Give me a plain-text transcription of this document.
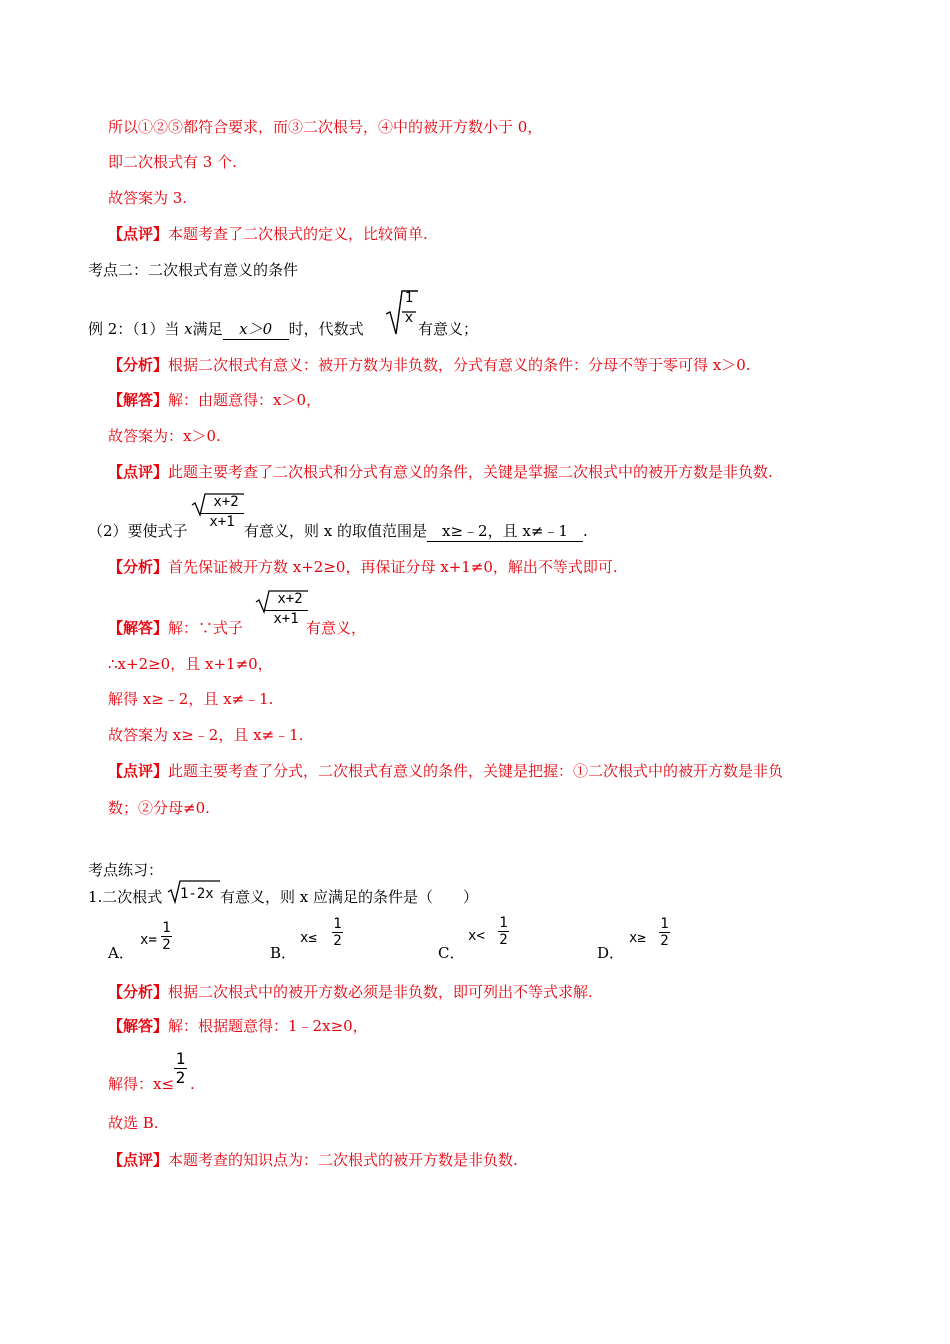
所以①②⑤都符合要求，而③二次根号，④中的被开方数小于 0，
即二次根式有 3 个.
故答案为 3.
【点评】本题考查了二次根式的定义，比较简单.
考点二：二次根式有意义的条件
例 2：（1）当 x满足 x＞0 时，代数式
1
x
有意义；
【分析】根据二次根式有意义：被开方数为非负数，分式有意义的条件：分母不等于零可得 x＞0.
【解答】解：由题意得：x＞0，
故答案为：x＞0.
【点评】此题主要考查了二次根式和分式有意义的条件，关键是掌握二次根式中的被开方数是非负数.
（2）要使式子
x+2
x+1 有意义，则 x 的取值范围是 x≥﹣2，且 x≠﹣1 .
【分析】首先保证被开方数 x+2≥0，再保证分母 x+1≠0，解出不等式即可.
【解答】解：∵式子
x+2
x+1 有意义，
∴x+2≥0，且 x+1≠0，
解得 x≥﹣2，且 x≠﹣1.
故答案为 x≥﹣2，且 x≠﹣1.
【点评】此题主要考查了分式，二次根式有意义的条件，关键是把握：①二次根式中的被开方数是非负
数；②分母≠0.
考点练习：
1.二次根式 1-2x 有意义，则 x 应满足的条件是（　　）
A．
x=
1
2	B．
x≤
1
2
C．
x<
1
2
D．
x≥
1
2
【分析】根据二次根式中的被开方数必须是非负数，即可列出不等式求解.
【解答】解：根据题意得：1﹣2x≥0，
解得：x≤
1
2 .
故选 B.
【点评】本题考查的知识点为：二次根式的被开方数是非负数.
